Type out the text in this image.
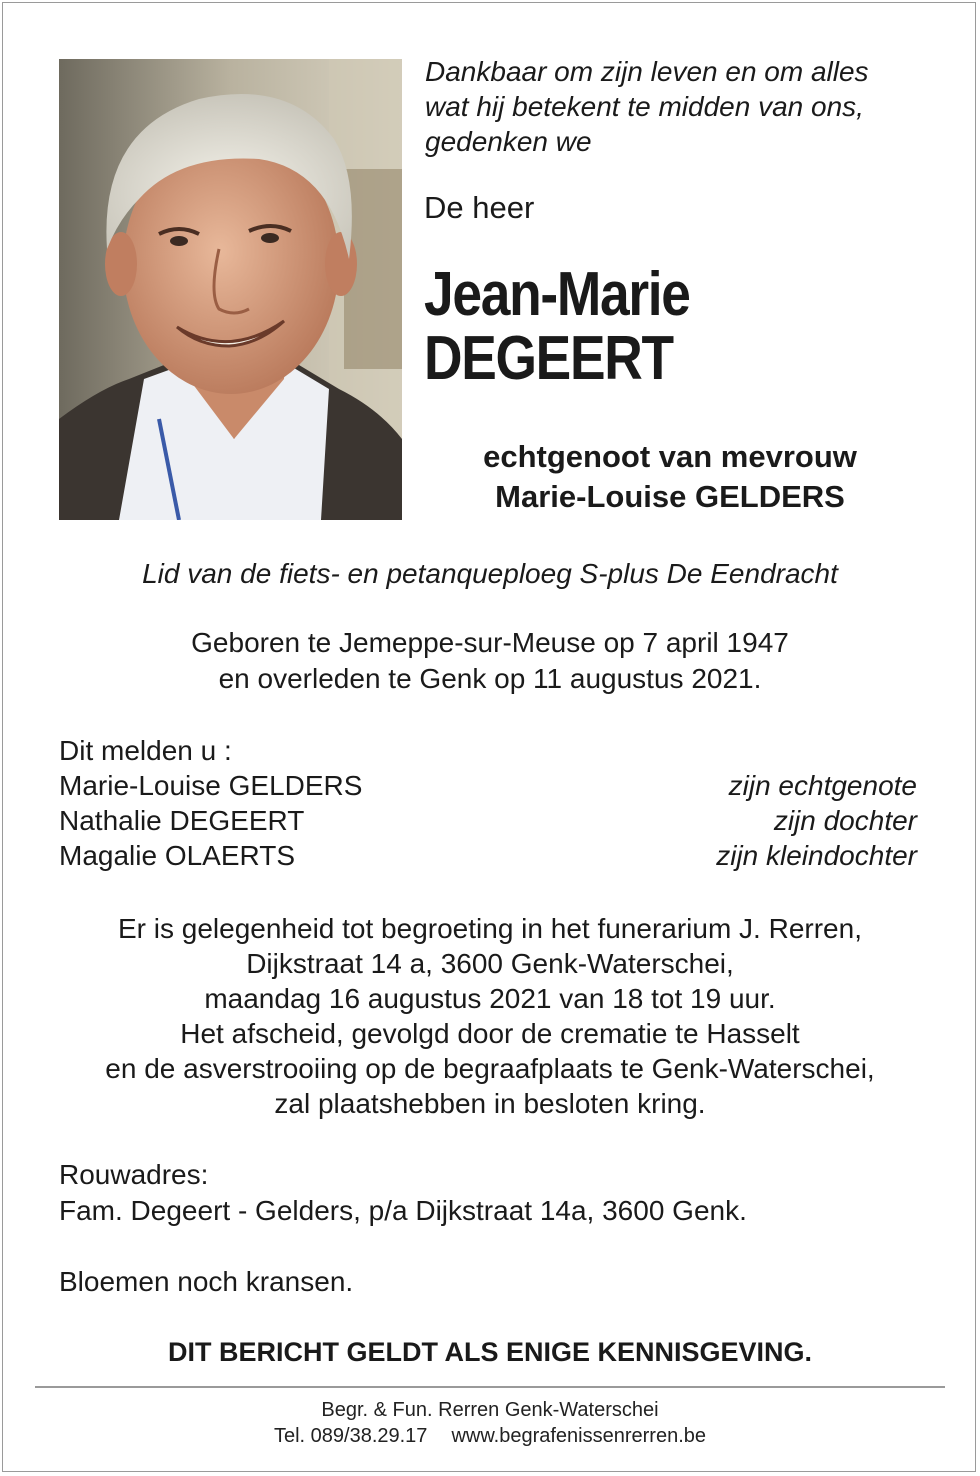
Dankbaar om zijn leven en om alles
wat hij betekent te midden van ons,
gedenken we
De heer
Jean-Marie
DEGEERT
echtgenoot van mevrouw
Marie-Louise GELDERS
Lid van de fiets- en petanqueploeg S-plus De Eendracht
Geboren te Jemeppe-sur-Meuse op 7 april 1947
en overleden te Genk op 11 augustus 2021.
Dit melden u :
Marie-Louise GELDERS	zijn echtgenote
Nathalie DEGEERT	zijn dochter
Magalie OLAERTS	zijn kleindochter
Er is gelegenheid tot begroeting in het funerarium J. Rerren,
Dijkstraat 14 a, 3600 Genk-Waterschei,
maandag 16 augustus 2021 van 18 tot 19 uur.
Het afscheid, gevolgd door de crematie te Hasselt
en de asverstrooiing op de begraafplaats te Genk-Waterschei,
zal plaatshebben in besloten kring.
Rouwadres:
Fam. Degeert - Gelders, p/a Dijkstraat 14a, 3600 Genk.
Bloemen noch kransen.
DIT BERICHT GELDT ALS ENIGE KENNISGEVING.
Begr. & Fun. Rerren Genk-Waterschei
Tel. 089/38.29.17 www.begrafenissenrerren.be
